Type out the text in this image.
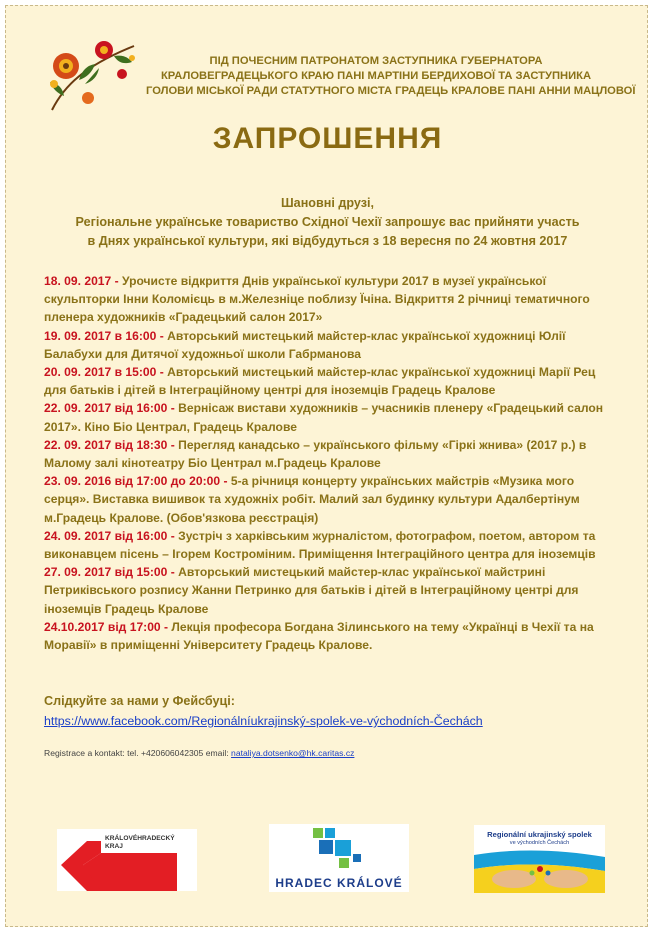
ПІД ПОЧЕСНИМ ПАТРОНАТОМ ЗАСТУПНИКА ГУБЕРНАТОРА
КРАЛОВЕГРАДЕЦЬКОГО КРАЮ ПАНІ МАРТІНИ БЕРДИХОВОЇ ТА ЗАСТУПНИКА
ГОЛОВИ МІСЬКОЇ РАДИ СТАТУТНОГО МІСТА ГРАДЕЦЬ КРАЛОВЕ ПАНІ АННИ МАЦЛОВОЇ
ЗАПРОШЕННЯ
Шановні друзі,
Регіональне українське товариство Східної Чехії запрошує вас прийняти участь
в Днях української культури, які відбудуться з 18 вересня по 24 жовтня 2017

18. 09. 2017 - Урочисте відкриття Днів української культури 2017 в музеї української скульпторки Інни Коломієць в м.Железніце поблизу Їчіна. Відкриття 2 річниці тематичного пленера художників «Градецький салон 2017»

19. 09. 2017 в 16:00 - Авторський мистецький майстер-клас української художниці Юлії Балабухи для Дитячої художньої школи Габрманова

20. 09. 2017 в 15:00 - Авторський мистецький майстер-клас української художниці Марії Рец для батьків і дітей в Інтеграційному центрі для іноземців Градець Кралове

22. 09. 2017 від 16:00 - Вернісаж вистави художників – учасників пленеру «Градецький салон 2017». Кіно Біо Централ, Градець Кралове

22. 09. 2017 від 18:30 - Перегляд канадсько – українського фільму «Гіркі жнива» (2017 р.) в Малому залі кінотеатру Біо Централ м.Градець Кралове

23. 09. 2016 від 17:00 до 20:00 - 5-а річниця концерту українських майстрів «Музика мого серця». Виставка вишивок та художніх робіт. Малий зал будинку культури Адалбертінум м.Градець Кралове. (Обов'язкова реєстрація)

24. 09. 2017 від 16:00 - Зустріч з харківським журналістом, фотографом, поетом, автором та виконавцем пісень – Ігорем Костроміним. Приміщення Інтеграційного центра для іноземців

27. 09. 2017 від 15:00 - Авторський мистецький майстер-клас української майстрині Петриківського розпису Жанни Петринко для батьків і дітей в Інтеграційному центрі для іноземців Градець Кралове

24.10.2017 від 17:00 - Лекція професора Богдана Зілинського на тему «Українці в Чехії та на Моравії» в приміщенні Університету Градець Кралове.

Слідкуйте за нами у Фейсбуці:
https://www.facebook.com/Regionálníukrajinský-spolek-ve-východních-Čechách
Registrace a kontakt: tel. +420606042305 email: nataliya.dotsenko@hk.caritas.cz
KRÁLOVÉHRADECKÝ
KRAJ
HRADEC KRÁLOVÉ
Regionální ukrajinský spolek
ve východních Čechách
